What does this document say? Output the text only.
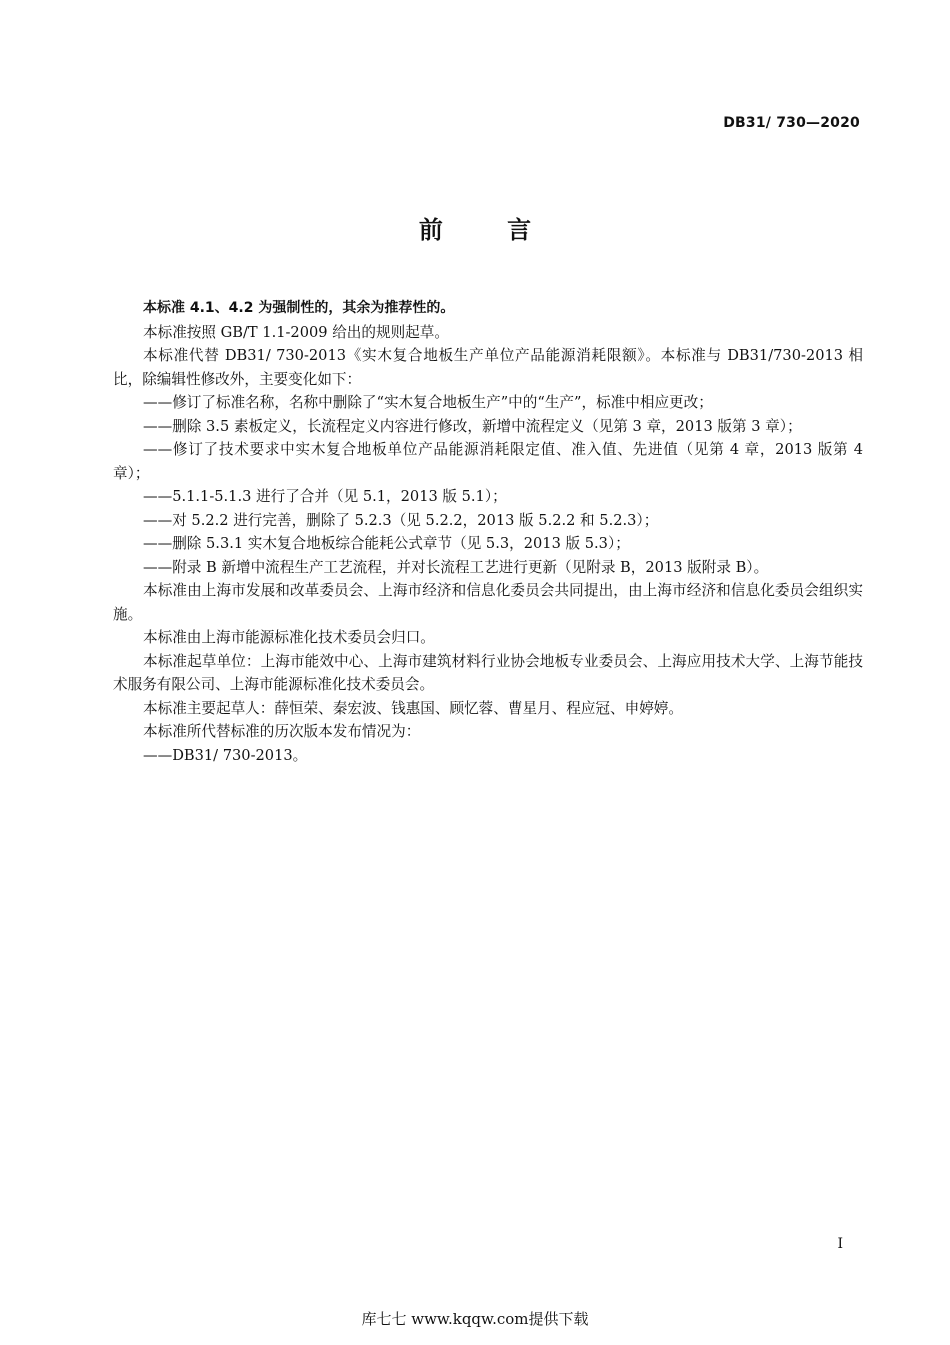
DB31/ 730—2020
前 言

本标准 4.1、4.2 为强制性的，其余为推荐性的。

本标准按照 GB/T 1.1-2009 给出的规则起草。

本标准代替 DB31/ 730-2013《实木复合地板生产单位产品能源消耗限额》。本标准与 DB31/730-2013 相比，除编辑性修改外，主要变化如下：

——修订了标准名称，名称中删除了“实木复合地板生产”中的“生产”，标准中相应更改；

——删除 3.5 素板定义，长流程定义内容进行修改，新增中流程定义（见第 3 章，2013 版第 3 章）；

——修订了技术要求中实木复合地板单位产品能源消耗限定值、准入值、先进值（见第 4 章，2013 版第 4 章）；

——5.1.1-5.1.3 进行了合并（见 5.1，2013 版 5.1）；

——对 5.2.2 进行完善，删除了 5.2.3（见 5.2.2，2013 版 5.2.2 和 5.2.3）；

——删除 5.3.1 实木复合地板综合能耗公式章节（见 5.3，2013 版 5.3）；

——附录 B 新增中流程生产工艺流程，并对长流程工艺进行更新（见附录 B，2013 版附录 B）。

本标准由上海市发展和改革委员会、上海市经济和信息化委员会共同提出，由上海市经济和信息化委员会组织实施。

本标准由上海市能源标准化技术委员会归口。

本标准起草单位：上海市能效中心、上海市建筑材料行业协会地板专业委员会、上海应用技术大学、上海节能技术服务有限公司、上海市能源标准化技术委员会。

本标准主要起草人：薛恒荣、秦宏波、钱惠国、顾忆蓉、曹星月、程应冠、申婷婷。

本标准所代替标准的历次版本发布情况为：

——DB31/ 730-2013。

I
库七七 www.kqqw.com提供下载
